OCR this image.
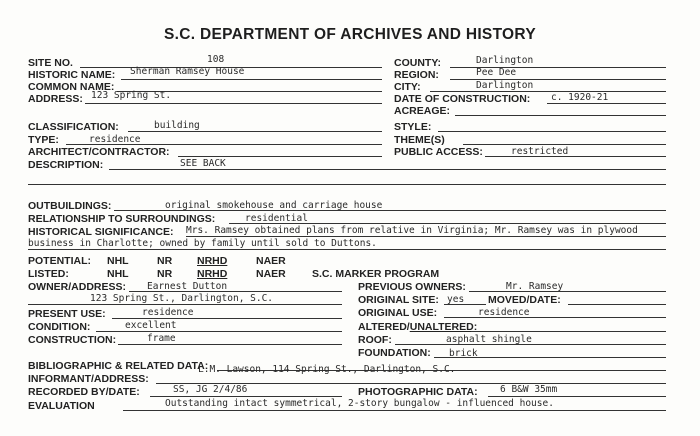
S.C. DEPARTMENT OF ARCHIVES AND HISTORY
SITE NO.	108
HISTORIC NAME: Sherman Ramsey House
COMMON NAME:
ADDRESS: 123 Spring St.
COUNTY:	Darlington
REGION:	Pee Dee
CITY:	Darlington
DATE OF CONSTRUCTION: c. 1920-21
ACREAGE:
CLASSIFICATION:	building
TYPE:	residence
ARCHITECT/CONTRACTOR:
DESCRIPTION:	SEE BACK
STYLE:
THEME(S)
PUBLIC ACCESS:	restricted
OUTBUILDINGS:	original smokehouse and carriage house
RELATIONSHIP TO SURROUNDINGS:	residential
HISTORICAL SIGNIFICANCE: Mrs. Ramsey obtained plans from relative in Virginia; Mr. Ramsey was in plywood
business in Charlotte; owned by family until sold to Duttons.
POTENTIAL: NHL	NR NRHD	NAER
LISTED:	NHL	NR NRHD	NAER S.C. MARKER PROGRAM
OWNER/ADDRESS: Earnest Dutton
123 Spring St., Darlington, S.C.
PRESENT USE:	residence
CONDITION:	excellent
CONSTRUCTION:	frame
PREVIOUS OWNERS:	Mr. Ramsey
ORIGINAL SITE: yes MOVED/DATE:
ORIGINAL USE:	residence
ALTERED/UNALTERED:
ROOF:	asphalt shingle
FOUNDATION: brick
BIBLIOGRAPHIC & RELATED DATA:
L.M. Lawson, 114 Spring St., Darlington, S.C.
INFORMANT/ADDRESS:
RECORDED BY/DATE:	SS, JG 2/4/86	PHOTOGRAPHIC DATA: 6 B&W 35mm
EVALUATION	Outstanding intact symmetrical, 2-story bungalow - influenced house.
